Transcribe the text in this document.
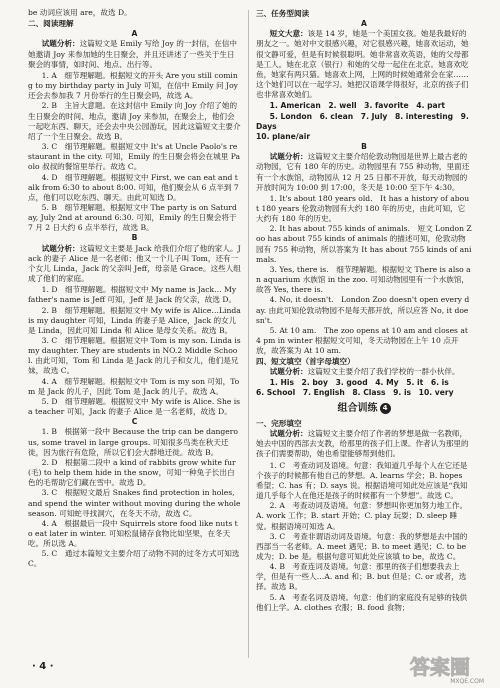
be 动词应该用 are，故选 D。

二、阅读理解

A

试题分析：这篇短文是 Emily 写给 Joy 的一封信，在信中她邀请 Joy 来参加她的生日聚会，并且还讲述了一些关于生日聚会的事情，如时间、地点、出行等。

1. A　细节理解题。根据短文的开头 Are you still coming to my birthday party in July 可知，在信中 Emily 问 Joy 还会去参加我 7 月份举行的生日聚会吗，故选 A。

2. B　主旨大意题。在这封信中 Emily 向 Joy 介绍了她的生日聚会的时间、地点，邀请 Joy 来参加，在聚会上，他们会一起吃东西、聊天，还会去中央公园游玩，因此这篇短文主要介绍了一个生日聚会。故选 B。

3. C　细节理解题。根据短文中 It's at Uncle Paolo's restaurant in the city. 可知，Emily 的生日聚会将会在城里 Paolo 叔叔的餐馆里举行。故选 C。

4. D　细节理解题。根据短文中 First, we can eat and talk from 6:30 to about 8:00. 可知，他们聚会从 6 点半到 7 点，他们可以吃东西、聊天。由此可知选 D。

5. B　细节理解题。根据短文中 The party is on Saturday, July 2nd at around 6:30. 可知，Emily 的生日聚会将于 7 月 2 日大约 6 点半举行，故选 B。

B

试题分析：这篇短文主要是 Jack 给我们介绍了他的家人。Jack 的妻子 Alice 是一名老师；他又一个儿子叫 Tom，还有一个女儿 Linda，Jack 的父亲叫 Jeff，母亲是 Grace。这些人组成了他们的家庭。

1. D　细节理解题。根据短文中 My name is Jack… My father's name is Jeff 可知，Jeff 是 Jack 的父亲，故选 D。

2. B　细节理解题。根据短文中 My wife is Alice…Linda is my daughter 可知，Linda 的妻子是 Alice，Jack 的女儿是 Linda，因此可知 Linda 和 Alice 是母女关系。故选 B。

3. C　细节理解题。根据短文中 Tom is my son. Linda is my daughter. They are students in NO.2 Middle School. 由此可知，Tom 和 Linda 是 Jack 的儿子和女儿，他们是兄妹，故选 C。

4. A　细节理解题。根据短文中 Tom is my son 可知，Tom 是 Jack 的儿子，因此 Tom 是 Jack 的儿子。故选 A。

5. D　细节理解题。根据短文中 My wife is Alice. She is a teacher 可知，Jack 的妻子 Alice 是一名老师，故选 D。

C

1. B　根据第一段中 Because the trip can be dangerous, some travel in large groups. 可知很多鸟类在秋天迁徙，因为旅行有危险，所以它们会大群地迁徙。故选 B。

2. D　根据第二段中 a kind of rabbits grow white fur (毛) to help them hide in the snow，可知一种兔子长出白色的毛帮助它们藏在雪中。故选 D。

3. C　根据短文最后 Snakes find protection in holes, and spend the winter without moving during the whole season. 可知蛇寻找洞穴，在冬天不动，故选 C。

4. A　根据最后一段中 Squirrels store food like nuts to eat later in winter. 可知松鼠储存食物比如坚果，在冬天吃。所以选 A。

5. C　通过本篇短文主要介绍了动物不同的过冬方式可知选 C。

三、任务型阅读

A

短文大意：该是 14 岁，她是一个美国女孩。她是我最好的朋友之一。她对中文很感兴趣，对它很感兴趣，她喜欢运动，她很文静可爱，但是有时候很聪明。她非常喜欢英语，她的父母都是工人。她在北京（银行）和她的父母一起住在北京。她喜欢吃鱼，她家有两只猫。她喜欢上网，上网的时候她通常会在家……这个她们可以在一起学习。她把汉语课学得很好，北京的孩子们也非常喜欢她们。

1. American　2. well　3. favorite　4. part

5. London　6. clean　7. July　8. interesting　9. Days

10. plane/air

B

试题分析：这篇短文主要介绍伦敦动物园是世界上最古老的动物园，它有 180 年的历史。动物园里有 755 种动物，里面还有一个水族馆，动物园从 12 月 25 日都不开放，每天动物园的开放时间为 10:00 到 17:00，冬天是 10:00 至下午 4:30。

1. It's about 180 years old.　It has a history of about 180 years 伦敦动物园有大约 180 年的历史，由此可知，它大约有 180 年的历史。

2. It has about 755 kinds of animals.　短文 London Zoo has about 755 kinds of animals 的描述可知，伦敦动物园有 755 种动物，所以答案为 It has about 755 kinds of animals.

3. Yes, there is.　细节理解题。根据短文 There is also an aquarium 水族馆 in the zoo. 可知动物园里有一个水族馆，故答 Yes, there is.

4. No, it doesn't.　London Zoo doesn't open every day. 由此可知伦敦动物园不是每天都开放，所以应答 No, it doesn't.

5. At 10 am.　The zoo opens at 10 am and closes at 4 pm in winter 根据短文可知，冬天动物园在上午 10 点开放，故答案为 At 10 am.

四、短文填空（首字母填空）

试题分析：这篇短文主要介绍了我们学校的一群小伙伴。

1. His　2. boy　3. good　4. My　5. it　6. is

6. School　7. English　8. Class　9. is　10. very

组合训练 4

一、完形填空

试题分析：这篇短文主要介绍了作者的梦想是做一名教师，她去中国的西部去支教，给那里的孩子们上课。作者认为那里的孩子们需要帮助，她也希望能够帮到他们。

1. C　考查动词及语境。句意：我知道几乎每个人在它还是个孩子的时候都有他自己的梦想。A. learns 学会；B. hopes 希望；C. has 有；D. says 说。根据语境可知此处应该是“我知道几乎每个人在他还是孩子的时候都有一个梦想”。故选 C。

2. A　考查动词及语境。句意：梦想叫你更加努力地工作。A. work 工作；B. start 开始；C. play 玩耍；D. sleep 睡觉。根据语境可知选 A。

3. C　考查非谓语动词及语境。句意：我的梦想是去中国的西部当一名老师。A. meet 遇见；B. to meet 遇见；C. to be 成为；D. be 是。根据句意可知此处应该填 to be，故选 C。

4. B　考查连词及语境。句意：那里的孩子们想要我去上学，但是有一些人…A. and 和；B. but 但是；C. or 或者，选择。故选 B。

5. A　考查名词及语境。句意：他们的家庭没有足够的钱供他们上学。A. clothes 衣服；B. food 食物；

· 4 ·	答案圈
MXQE.COM
